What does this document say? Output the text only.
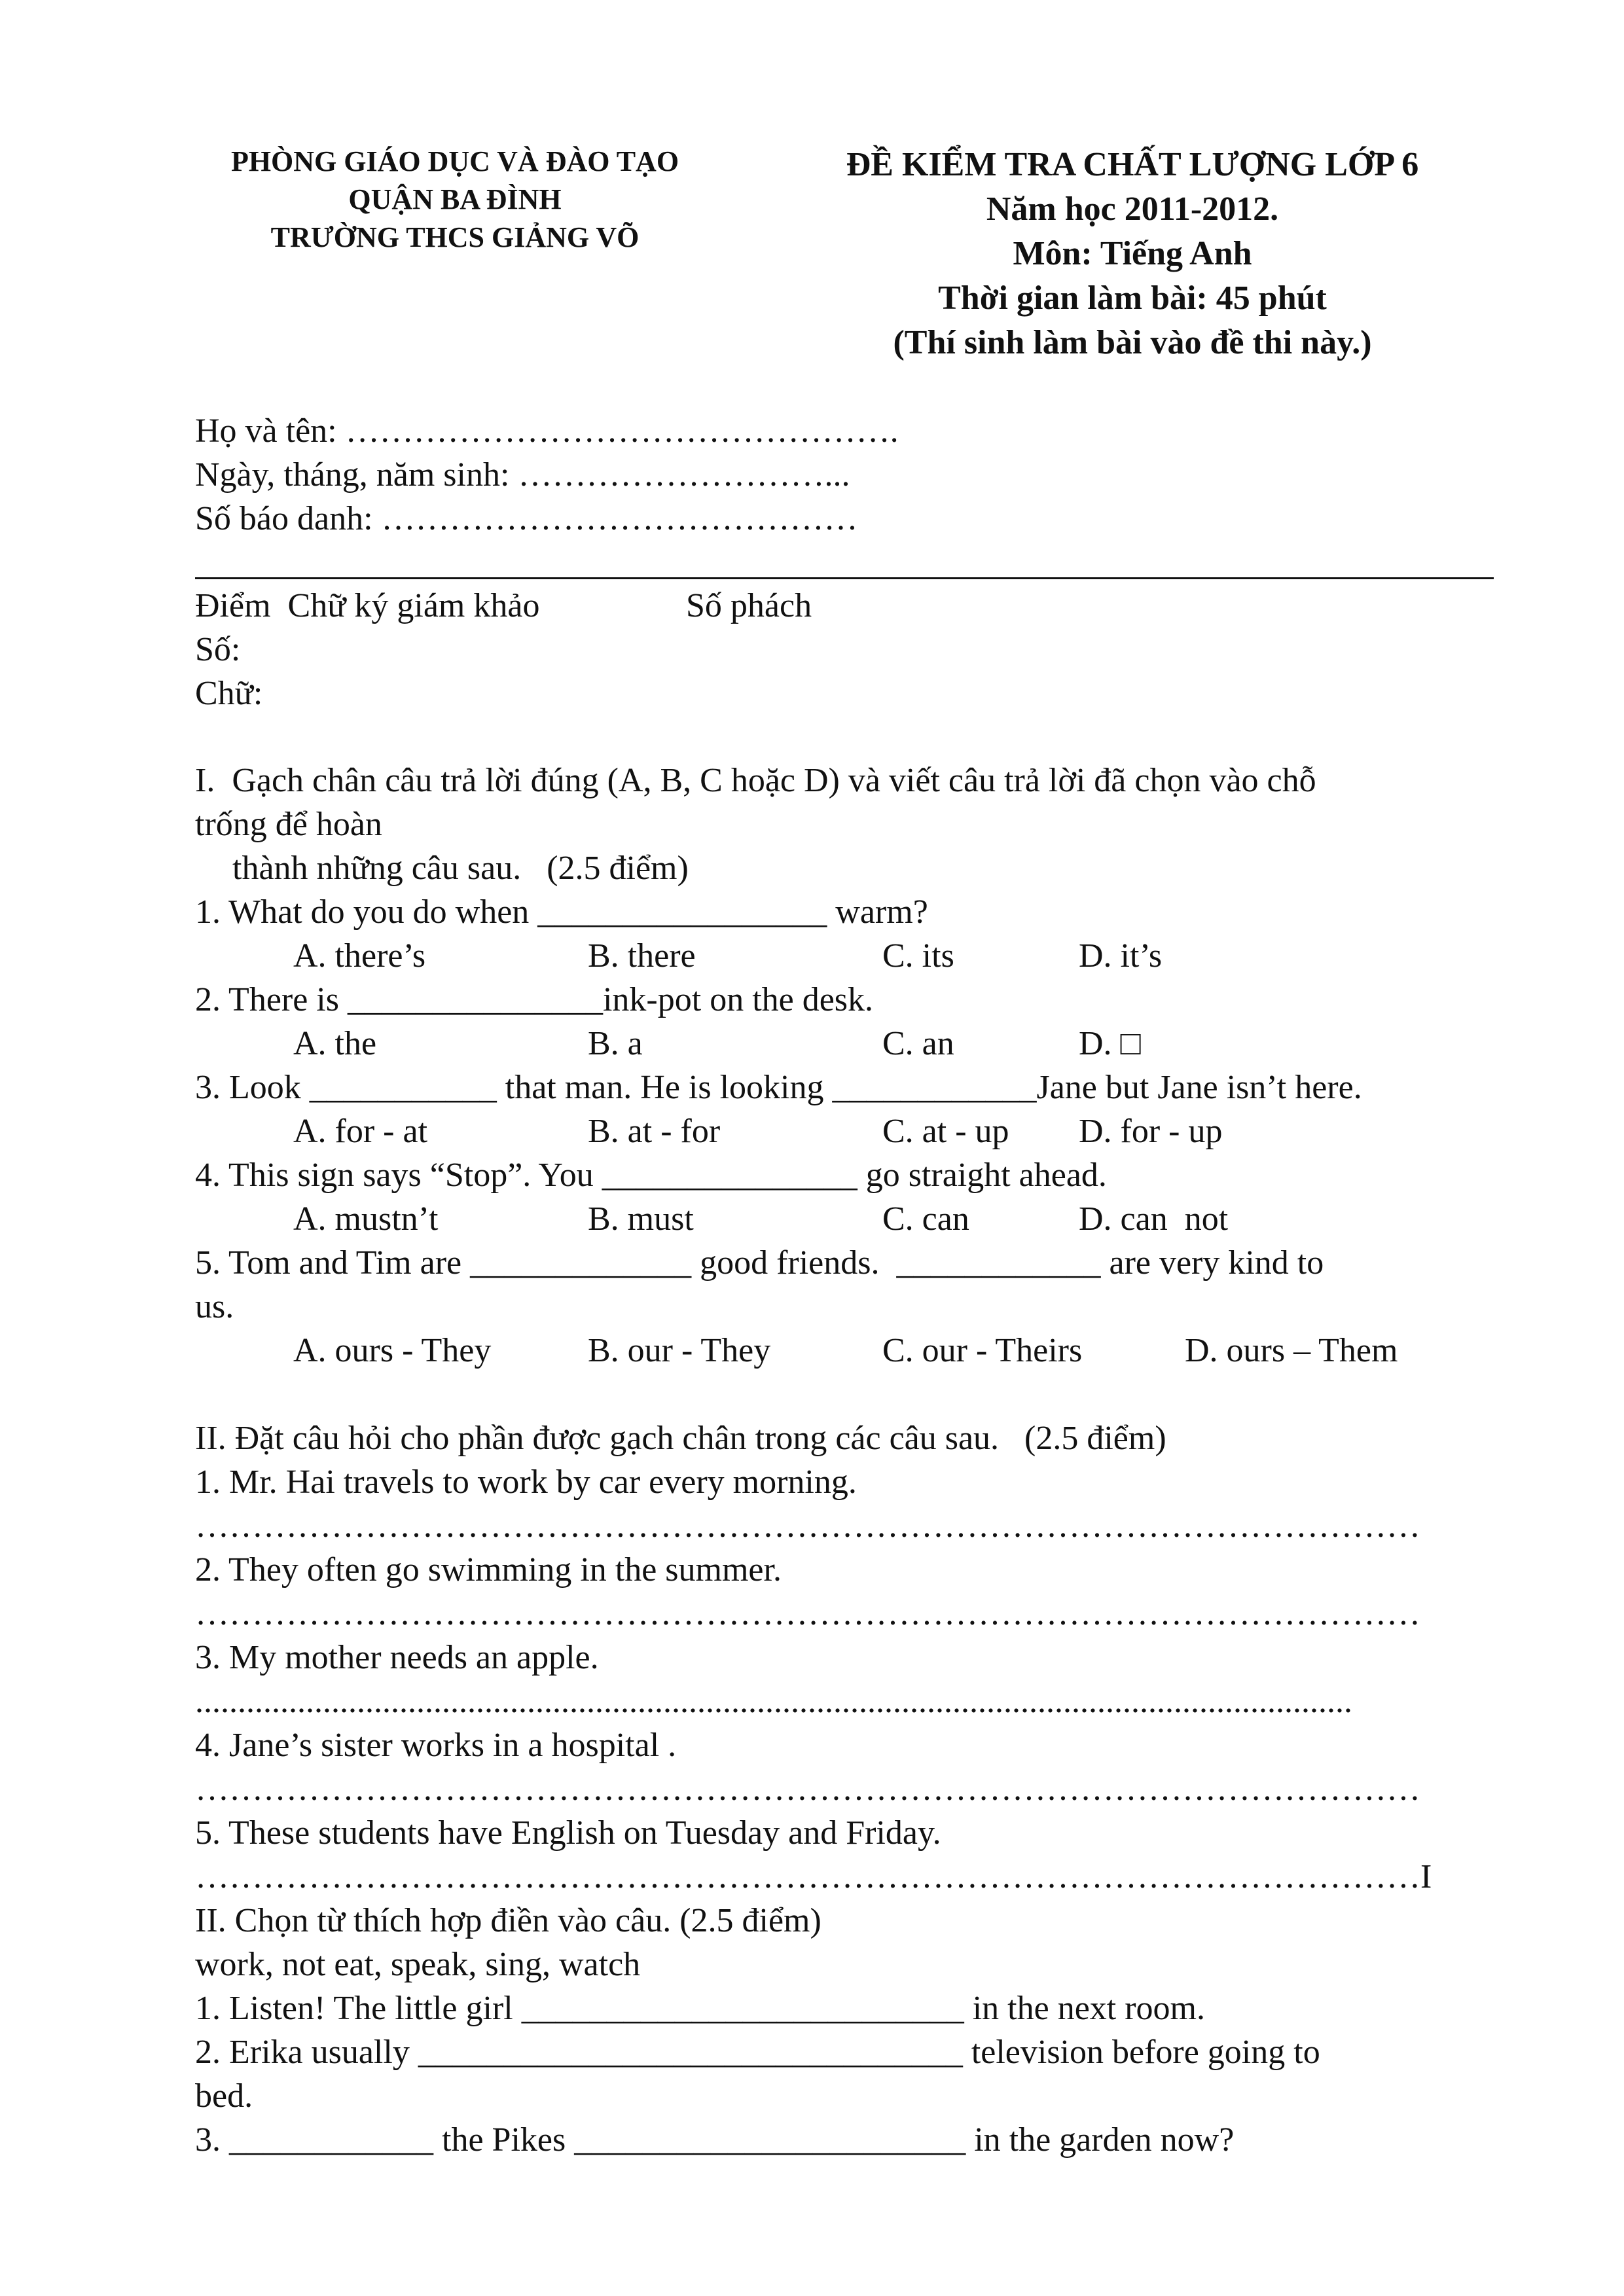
PHÒNG GIÁO DỤC VÀ ĐÀO TẠO
QUẬN BA ĐÌNH
TRƯỜNG THCS GIẢNG VÕ
ĐỀ KIỂM TRA CHẤT LƯỢNG LỚP 6
Năm học 2011-2012.
Môn: Tiếng Anh
Thời gian làm bài: 45 phút
(Thí sinh làm bài vào đề thi này.)
Họ và tên: ………………………………………….
Ngày, tháng, năm sinh: ………………………...
Số báo danh: ……………………………………
Điểm  Chữ ký giám khảo	Số phách
Số:
Chữ:
I.  Gạch chân câu trả lời đúng (A, B, C hoặc D) và viết câu trả lời đã chọn vào chỗ
trống để hoàn
thành những câu sau.   (2.5 điểm)
1. What do you do when _________________ warm?
A. there’s	B. there	C. its	D. it’s
2. There is _______________ink-pot on the desk.
A. the	B. a	C. an	D. □
3. Look ___________ that man. He is looking ____________Jane but Jane isn’t here.
A. for - at	B. at - for	C. at - up D. for - up
4. This sign says “Stop”. You _______________ go straight ahead.
A. mustn’t	B. must	C. can	D. can  not
5. Tom and Tim are _____________ good friends.  ____________ are very kind to
us.
A. ours - They	B. our - They	C. our - Theirs	D. ours – Them
II. Đặt câu hỏi cho phần được gạch chân trong các câu sau.   (2.5 điểm)
1. Mr. Hai travels to work by car every morning.
………………………………………………………………………………………………
2. They often go swimming in the summer.
………………………………………………………………………………………………
3. My mother needs an apple.
........................................................................................................................................
4. Jane’s sister works in a hospital .
………………………………………………………………………………………………
5. These students have English on Tuesday and Friday.
………………………………………………………………………………………………I
II. Chọn từ thích hợp điền vào câu. (2.5 điểm)
work, not eat, speak, sing, watch
1. Listen! The little girl __________________________ in the next room.
2. Erika usually ________________________________ television before going to
bed.
3. ____________ the Pikes _______________________ in the garden now?
